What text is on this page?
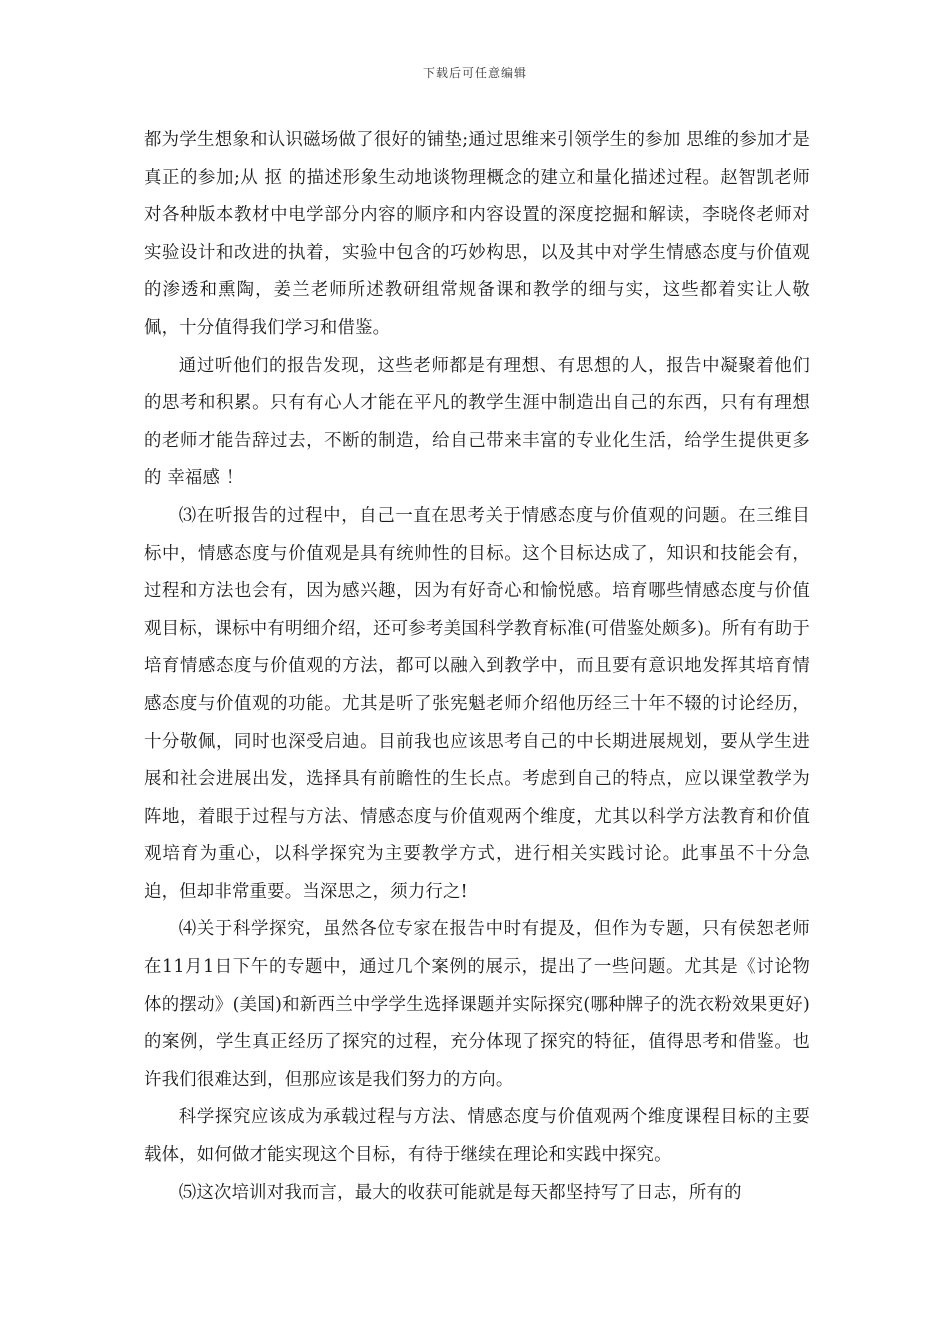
下载后可任意编辑

都为学生想象和认识磁场做了很好的铺垫;通过思维来引领学生的参加 思维的参加才是真正的参加;从 抠 的描述形象生动地谈物理概念的建立和量化描述过程。赵智凯老师对各种版本教材中电学部分内容的顺序和内容设置的深度挖掘和解读，李晓佟老师对实验设计和改进的执着，实验中包含的巧妙构思，以及其中对学生情感态度与价值观的渗透和熏陶，姜兰老师所述教研组常规备课和教学的细与实，这些都着实让人敬佩，十分值得我们学习和借鉴。

通过听他们的报告发现，这些老师都是有理想、有思想的人，报告中凝聚着他们的思考和积累。只有有心人才能在平凡的教学生涯中制造出自己的东西，只有有理想的老师才能告辞过去，不断的制造，给自己带来丰富的专业化生活，给学生提供更多的 幸福感 ！

⑶在听报告的过程中，自己一直在思考关于情感态度与价值观的问题。在三维目标中，情感态度与价值观是具有统帅性的目标。这个目标达成了，知识和技能会有，过程和方法也会有，因为感兴趣，因为有好奇心和愉悦感。培育哪些情感态度与价值观目标，课标中有明细介绍，还可参考美国科学教育标准(可借鉴处颇多)。所有有助于培育情感态度与价值观的方法，都可以融入到教学中，而且要有意识地发挥其培育情感态度与价值观的功能。尤其是听了张宪魁老师介绍他历经三十年不辍的讨论经历，十分敬佩，同时也深受启迪。目前我也应该思考自己的中长期进展规划，要从学生进展和社会进展出发，选择具有前瞻性的生长点。考虑到自己的特点，应以课堂教学为阵地，着眼于过程与方法、情感态度与价值观两个维度，尤其以科学方法教育和价值观培育为重心，以科学探究为主要教学方式，进行相关实践讨论。此事虽不十分急迫，但却非常重要。当深思之，须力行之!

⑷关于科学探究，虽然各位专家在报告中时有提及，但作为专题，只有侯恕老师在11月1日下午的专题中，通过几个案例的展示，提出了一些问题。尤其是《讨论物体的摆动》(美国)和新西兰中学学生选择课题并实际探究(哪种牌子的洗衣粉效果更好)的案例，学生真正经历了探究的过程，充分体现了探究的特征，值得思考和借鉴。也许我们很难达到，但那应该是我们努力的方向。

科学探究应该成为承载过程与方法、情感态度与价值观两个维度课程目标的主要载体，如何做才能实现这个目标，有待于继续在理论和实践中探究。

⑸这次培训对我而言，最大的收获可能就是每天都坚持写了日志，所有的
